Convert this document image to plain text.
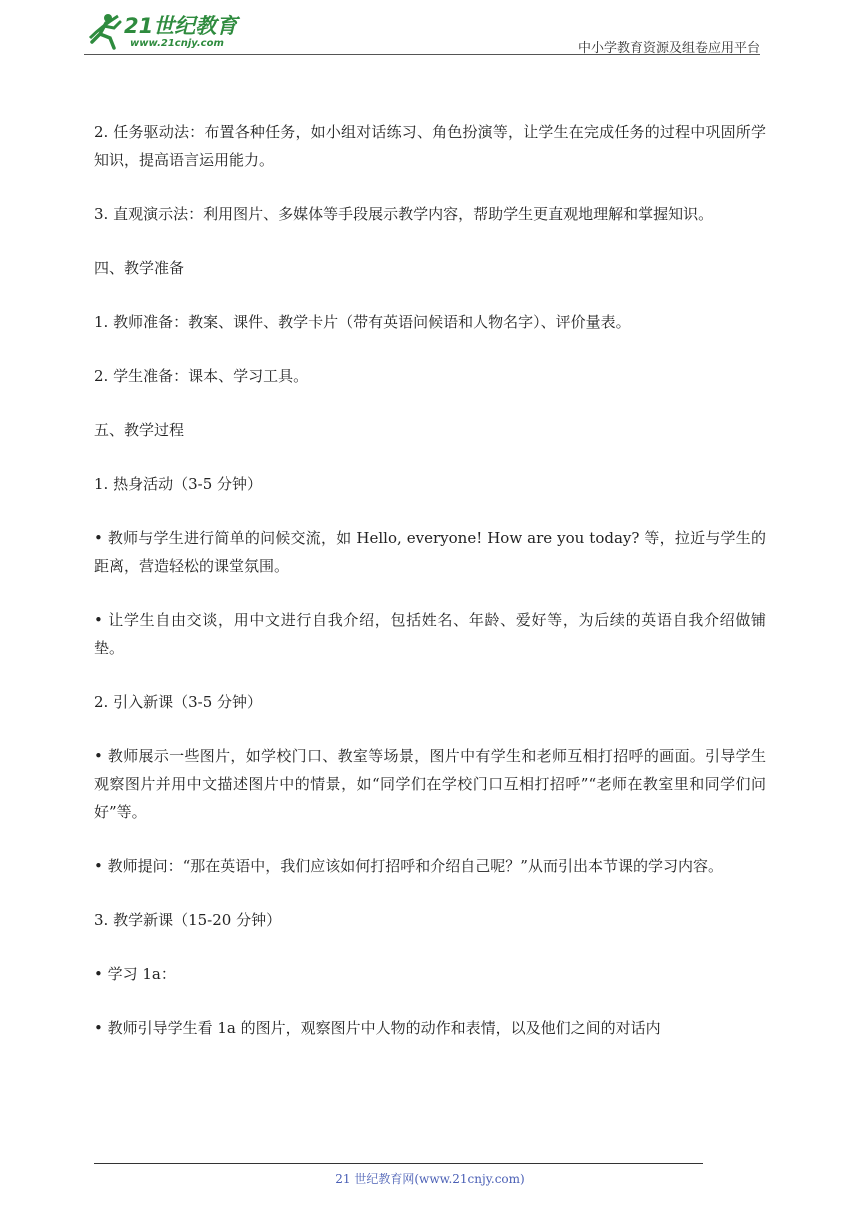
21世纪教育
www.21cnjy.com	中小学教育资源及组卷应用平台

2. 任务驱动法：布置各种任务，如小组对话练习、角色扮演等，让学生在完成任务的过程中巩固所学知识，提高语言运用能力。

3. 直观演示法：利用图片、多媒体等手段展示教学内容，帮助学生更直观地理解和掌握知识。

四、教学准备

1. 教师准备：教案、课件、教学卡片（带有英语问候语和人物名字）、评价量表。

2. 学生准备：课本、学习工具。

五、教学过程

1. 热身活动（3-5 分钟）

• 教师与学生进行简单的问候交流，如 Hello, everyone! How are you today? 等，拉近与学生的距离，营造轻松的课堂氛围。

• 让学生自由交谈，用中文进行自我介绍，包括姓名、年龄、爱好等，为后续的英语自我介绍做铺垫。

2. 引入新课（3-5 分钟）

• 教师展示一些图片，如学校门口、教室等场景，图片中有学生和老师互相打招呼的画面。引导学生观察图片并用中文描述图片中的情景，如“同学们在学校门口互相打招呼”“老师在教室里和同学们问好”等。

• 教师提问：“那在英语中，我们应该如何打招呼和介绍自己呢？”从而引出本节课的学习内容。

3. 教学新课（15-20 分钟）

• 学习 1a：

• 教师引导学生看 1a 的图片，观察图片中人物的动作和表情，以及他们之间的对话内

21 世纪教育网(www.21cnjy.com)
